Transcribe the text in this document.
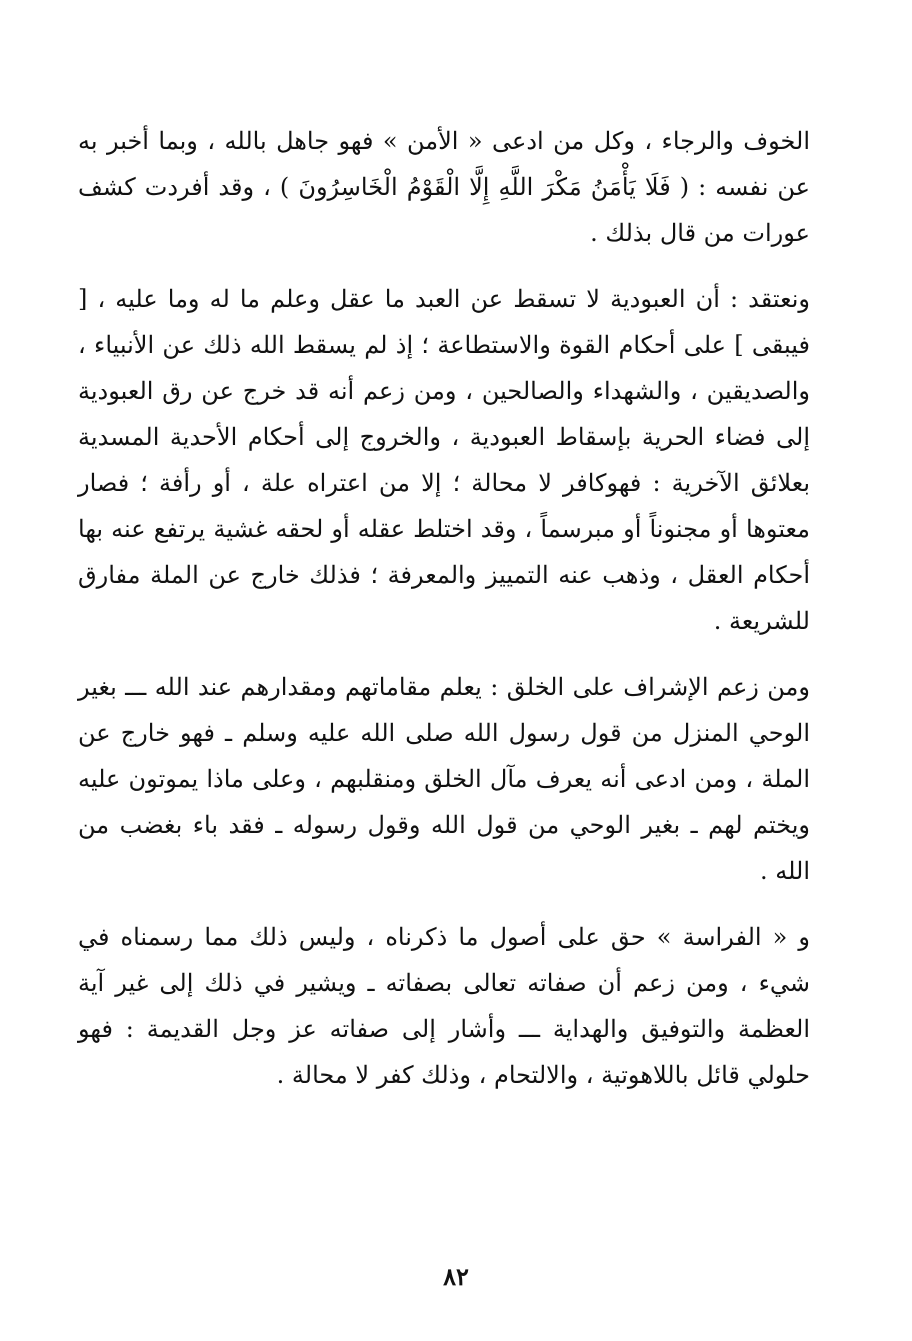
الخوف والرجاء ، وكل من ادعى « الأمن » فهو جاهل بالله ، وبما أخبر به عن نفسه : ( فَلَا يَأْمَنُ مَكْرَ اللَّهِ إِلَّا الْقَوْمُ الْخَاسِرُونَ ) ، وقد أفردت كشف عورات من قال بذلك .

ونعتقد : أن العبودية لا تسقط عن العبد ما عقل وعلم ما له وما عليه ، [ فيبقى ] على أحكام القوة والاستطاعة ؛ إذ لم يسقط الله ذلك عن الأنبياء ، والصديقين ، والشهداء والصالحين ، ومن زعم أنه قد خرج عن رق العبودية إلى فضاء الحرية بإسقاط العبودية ، والخروج إلى أحكام الأحدية المسدية بعلائق الآخرية : فهوكافر لا محالة ؛ إلا من اعتراه علة ، أو رأفة ؛ فصار معتوها أو مجنوناً أو مبرسماً ، وقد اختلط عقله أو لحقه غشية يرتفع عنه بها أحكام العقل ، وذهب عنه التمييز والمعرفة ؛ فذلك خارج عن الملة مفارق للشريعة .

ومن زعم الإشراف على الخلق : يعلم مقاماتهم ومقدارهم عند الله ـــ بغير الوحي المنزل من قول رسول الله صلى الله عليه وسلم ـ فهو خارج عن الملة ، ومن ادعى أنه يعرف مآل الخلق ومنقلبهم ، وعلى ماذا يموتون عليه ويختم لهم ـ بغير الوحي من قول الله وقول رسوله ـ فقد باء بغضب من الله .

و « الفراسة » حق على أصول ما ذكرناه ، وليس ذلك مما رسمناه في شيء ، ومن زعم أن صفاته تعالى بصفاته ـ ويشير في ذلك إلى غير آية العظمة والتوفيق والهداية ـــ وأشار إلى صفاته عز وجل القديمة : فهو حلولي قائل باللاهوتية ، والالتحام ، وذلك كفر لا محالة .

٨٢
